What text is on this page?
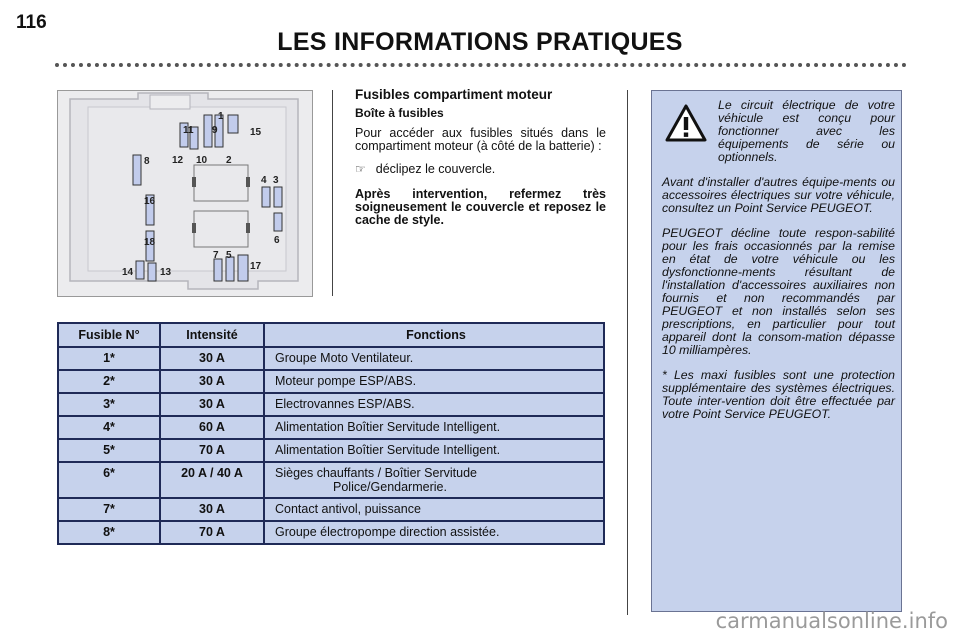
116
LES INFORMATIONS PRATIQUES
1
2
3
4
5
6
7
8
9
10
11
12
13
14
15
16
17
18
Fusibles compartiment moteur
Boîte à fusibles

Pour accéder aux fusibles situés dans le compartiment moteur (à côté de la batterie) :

☞ déclipez le couvercle.

Après intervention, refermez très soigneusement le couvercle et reposez le cache de style.

Fusible N°	Intensité	Fonctions
1*	30 A	Groupe Moto Ventilateur.
2*	30 A	Moteur pompe ESP/ABS.
3*	30 A	Electrovannes ESP/ABS.
4*	60 A	Alimentation Boîtier Servitude Intelligent.
5*	70 A	Alimentation Boîtier Servitude Intelligent.
6*	20 A / 40 A	Sièges chauffants / Boîtier Servitude
Police/Gendarmerie.

7*	30 A	Contact antivol, puissance
8*	70 A	Groupe électropompe direction assistée.

Le circuit électrique de votre véhicule est conçu pour fonctionner avec les équipements de série ou optionnels.

Avant d'installer d'autres équipe-ments ou accessoires électriques sur votre véhicule, consultez un Point Service PEUGEOT.

PEUGEOT décline toute respon-sabilité pour les frais occasionnés par la remise en état de votre véhicule ou les dysfonctionne-ments résultant de l'installation d'accessoires auxiliaires non fournis et non recommandés par PEUGEOT et non installés selon ses prescriptions, en particulier pour tout appareil dont la consom-mation dépasse 10 milliampères.

* Les maxi fusibles sont une protection supplémentaire des systèmes électriques. Toute inter-vention doit être effectuée par votre Point Service PEUGEOT.

carmanualsonline.info
